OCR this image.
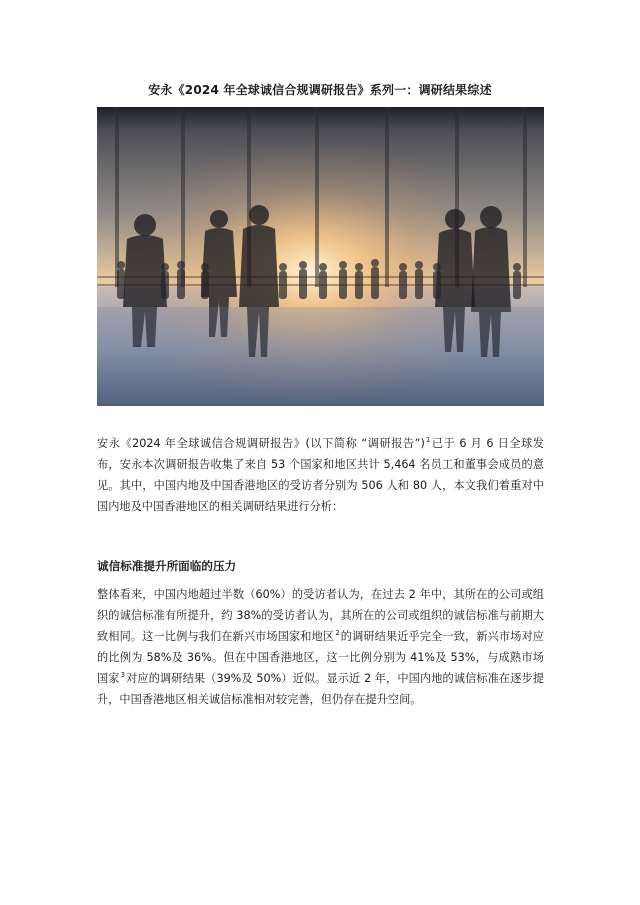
安永《2024 年全球诚信合规调研报告》系列一：调研结果综述
安永《2024 年全球诚信合规调研报告》(以下简称 “调研报告”)$^1$已于 6 月 6 日全球发布，安永本次调研报告收集了来自 53 个国家和地区共计 5,464 名员工和董事会成员的意见。其中，中国内地及中国香港地区的受访者分别为 506 人和 80 人，本文我们着重对中国内地及中国香港地区的相关调研结果进行分析：
诚信标准提升所面临的压力
整体看来，中国内地超过半数（60%）的受访者认为，在过去 2 年中，其所在的公司或组织的诚信标准有所提升，约 38%的受访者认为，其所在的公司或组织的诚信标准与前期大致相同。这一比例与我们在新兴市场国家和地区$^2$的调研结果近乎完全一致，新兴市场对应的比例为 58%及 36%。但在中国香港地区，这一比例分别为 41%及 53%，与成熟市场国家$^3$对应的调研结果（39%及 50%）近似。显示近 2 年，中国内地的诚信标准在逐步提升，中国香港地区相关诚信标准相对较完善，但仍存在提升空间。
